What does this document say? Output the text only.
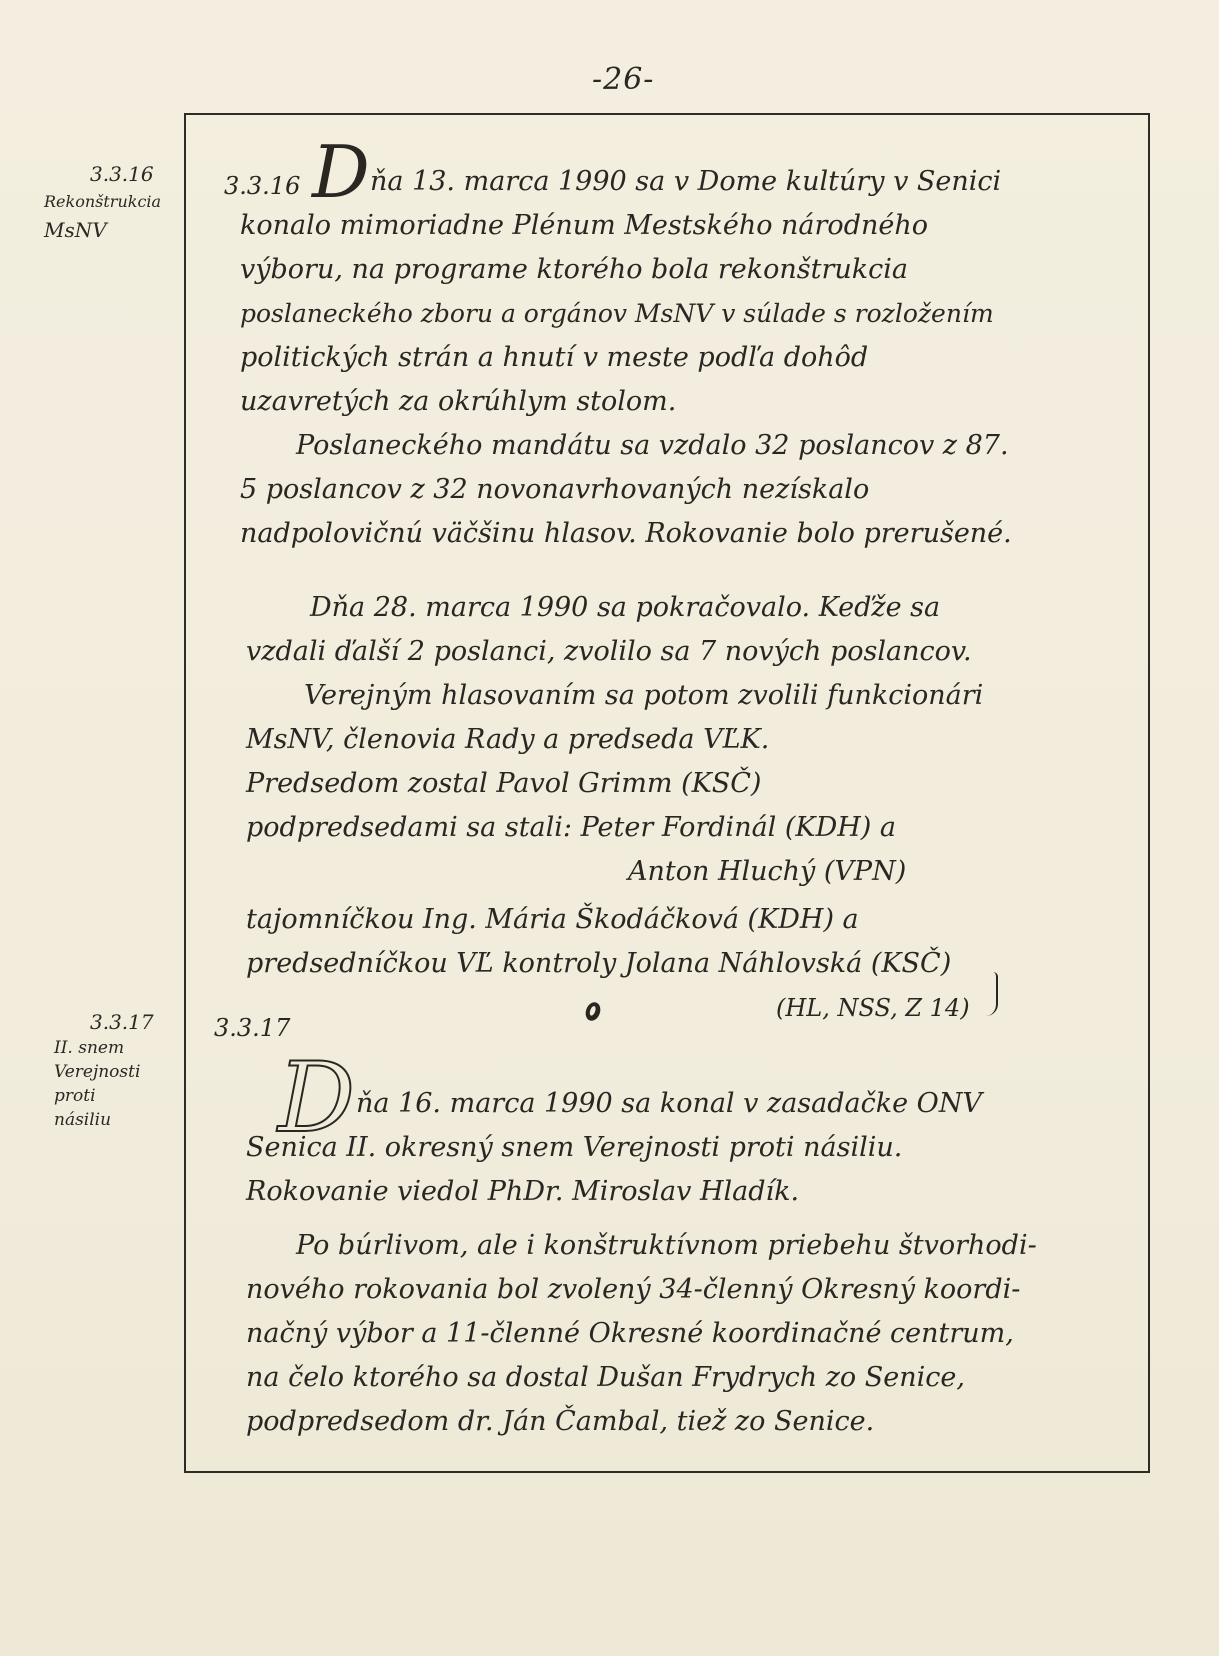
-26-
3.3.16
Rekonštrukcia
MsNV
3.3.17
II. snem
Verejnosti
proti
násiliu
3.3.16 D ňa 13. marca 1990 sa v Dome kultúry v Senici
konalo mimoriadne Plénum Mestského národného
výboru, na programe ktorého bola rekonštrukcia
poslaneckého zboru a orgánov MsNV v súlade s rozložením
politických strán a hnutí v meste podľa dohôd
uzavretých za okrúhlym stolom.
Poslaneckého mandátu sa vzdalo 32 poslancov z 87.
5 poslancov z 32 novonavrhovaných nezískalo
nadpolovičnú väčšinu hlasov. Rokovanie bolo prerušené.
Dňa 28. marca 1990 sa pokračovalo. Keďže sa
vzdali ďalší 2 poslanci, zvolilo sa 7 nových poslancov.
Verejným hlasovaním sa potom zvolili funkcionári
MsNV, členovia Rady a predseda VĽK.
Predsedom zostal Pavol Grimm (KSČ)
podpredsedami sa stali: Peter Fordinál (KDH) a
Anton Hluchý (VPN)
tajomníčkou Ing. Mária Škodáčková (KDH) a
predsedníčkou VĽ kontroly Jolana Náhlovská (KSČ)
(HL, NSS, Z 14)
3.3.17
D ňa 16. marca 1990 sa konal v zasadačke ONV
Senica II. okresný snem Verejnosti proti násiliu.
Rokovanie viedol PhDr. Miroslav Hladík.
Po búrlivom, ale i konštruktívnom priebehu štvorhodi-
nového rokovania bol zvolený 34-členný Okresný koordi-
načný výbor a 11-členné Okresné koordinačné centrum,
na čelo ktorého sa dostal Dušan Frydrych zo Senice,
podpredsedom dr. Ján Čambal, tiež zo Senice.
